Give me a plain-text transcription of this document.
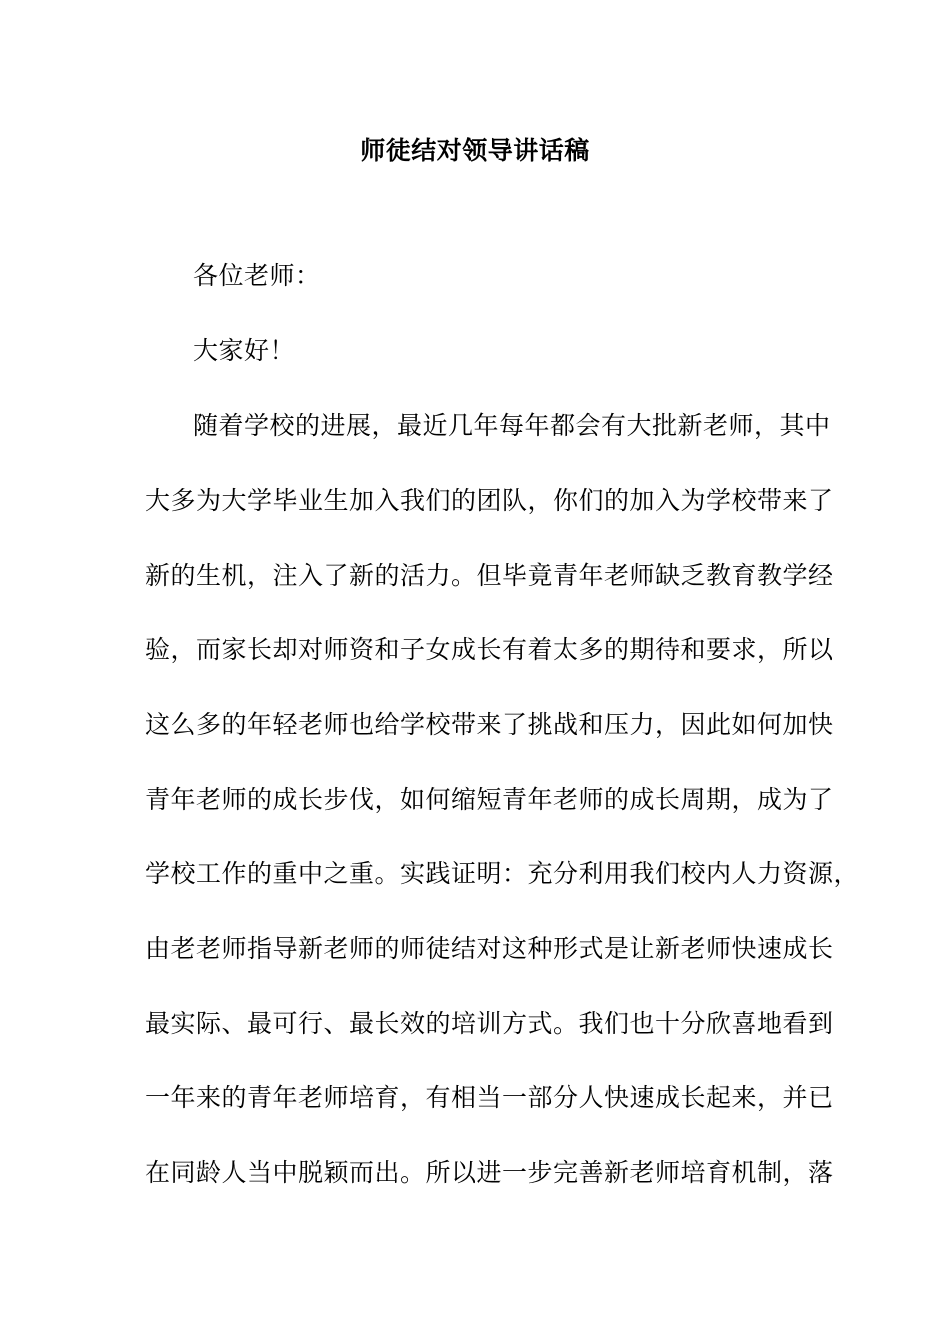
师徒结对领导讲话稿
各位老师：
大家好！
随着学校的进展，最近几年每年都会有大批新老师，其中
大多为大学毕业生加入我们的团队，你们的加入为学校带来了
新的生机，注入了新的活力。但毕竟青年老师缺乏教育教学经
验，而家长却对师资和子女成长有着太多的期待和要求，所以
这么多的年轻老师也给学校带来了挑战和压力，因此如何加快
青年老师的成长步伐，如何缩短青年老师的成长周期，成为了
学校工作的重中之重。实践证明：充分利用我们校内人力资源，
由老老师指导新老师的师徒结对这种形式是让新老师快速成长
最实际、最可行、最长效的培训方式。我们也十分欣喜地看到
一年来的青年老师培育，有相当一部分人快速成长起来，并已
在同龄人当中脱颖而出。所以进一步完善新老师培育机制，落
